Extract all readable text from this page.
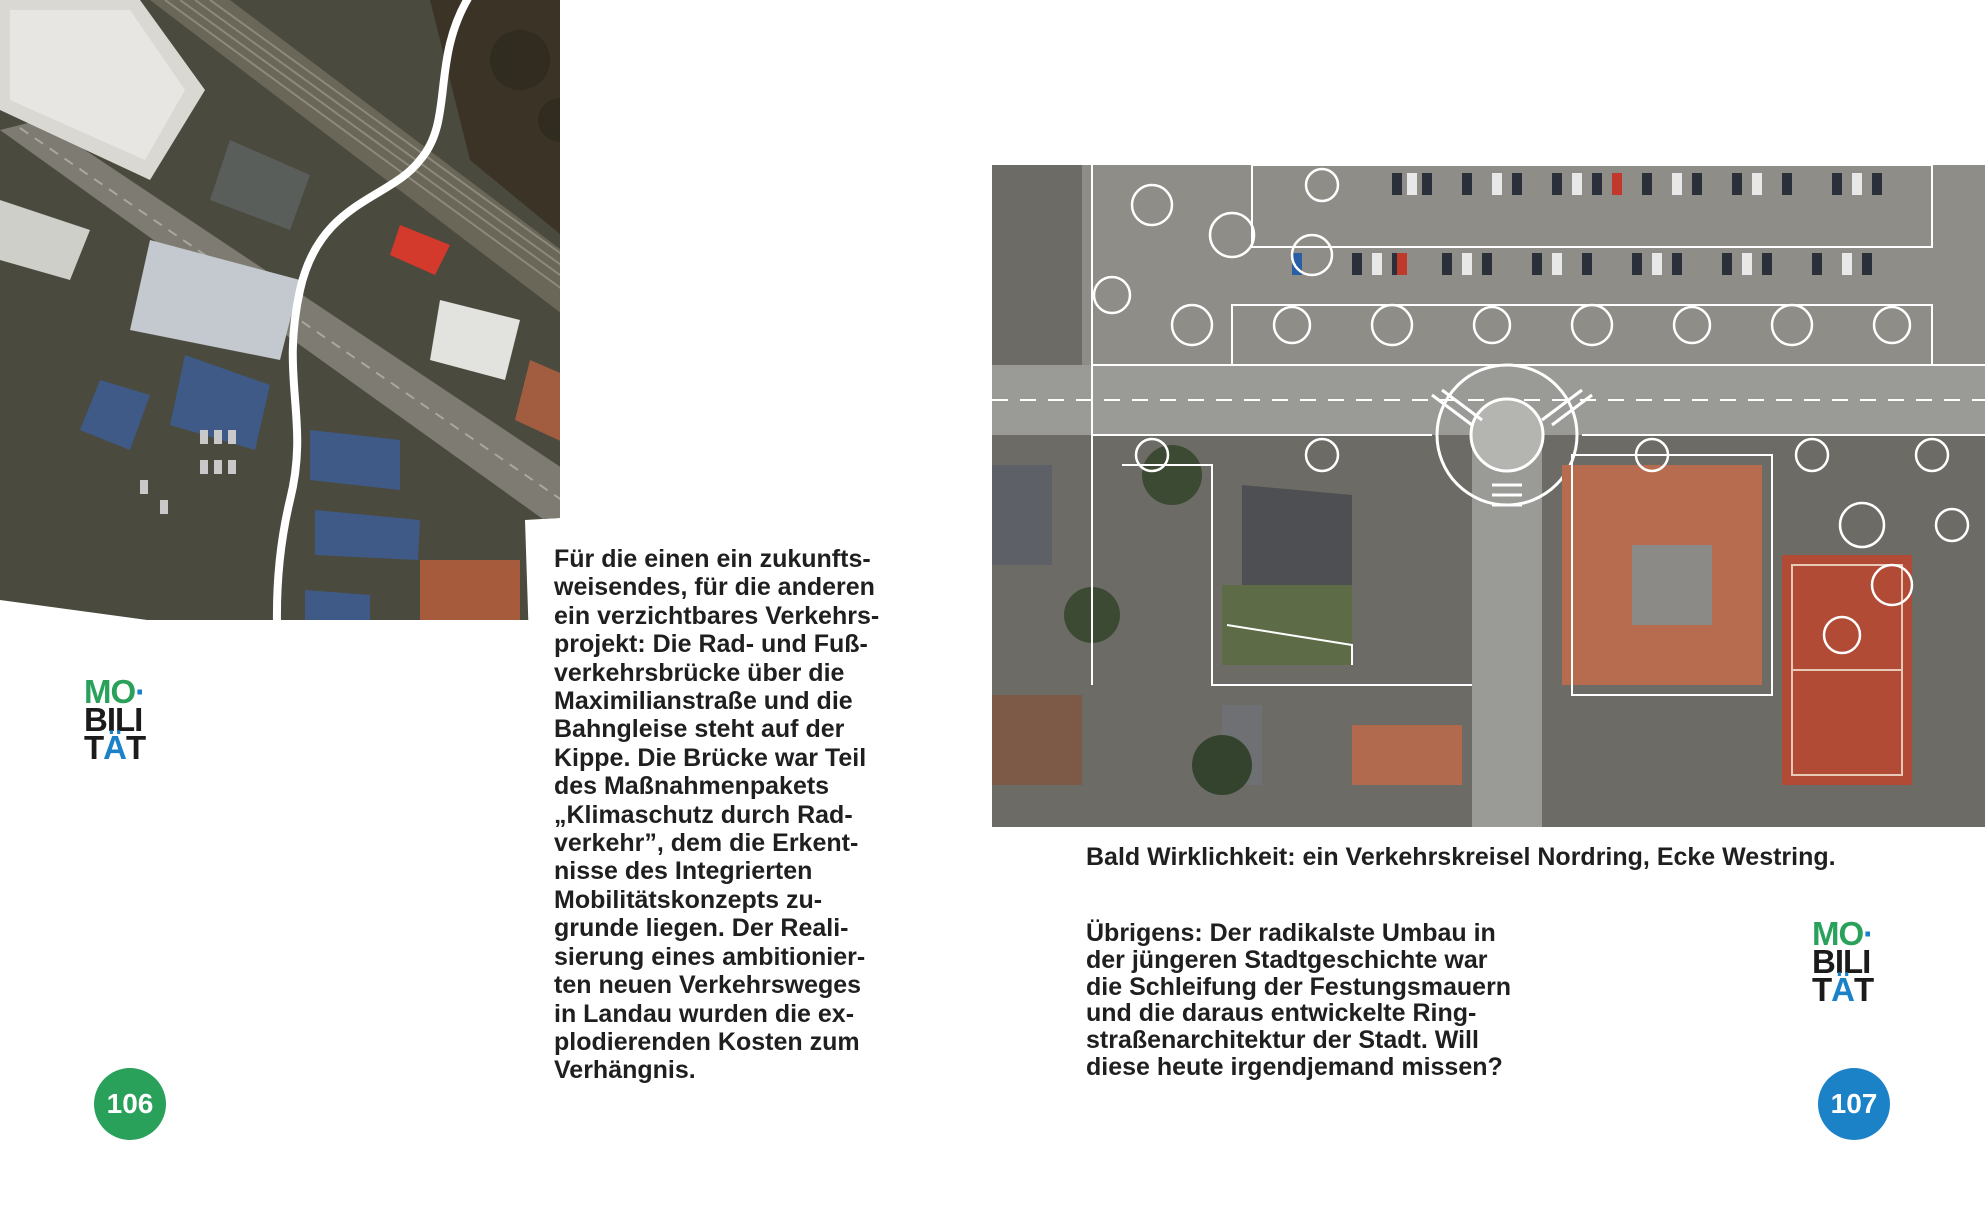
MO·
BILI
TÄT
Für die einen ein zukunfts-
weisendes, für die anderen
ein verzichtbares Verkehrs-
projekt: Die Rad- und Fuß-
verkehrsbrücke über die
Maximilianstraße und die
Bahngleise steht auf der
Kippe. Die Brücke war Teil
des Maßnahmenpakets
„Klimaschutz durch Rad-
verkehr”, dem die Erkent-
nisse des Integrierten
Mobilitätskonzepts zu-
grunde liegen. Der Reali-
sierung eines ambitionier-
ten neuen Verkehrsweges
in Landau wurden die ex-
plodierenden Kosten zum
Verhängnis.
106
Bald Wirklichkeit: ein Verkehrskreisel Nordring, Ecke Westring.
Übrigens: Der radikalste Umbau in
der jüngeren Stadtgeschichte war
die Schleifung der Festungsmauern
und die daraus entwickelte Ring-
straßenarchitektur der Stadt. Will
diese heute irgendjemand missen?
MO·
BILI
TÄT
107
